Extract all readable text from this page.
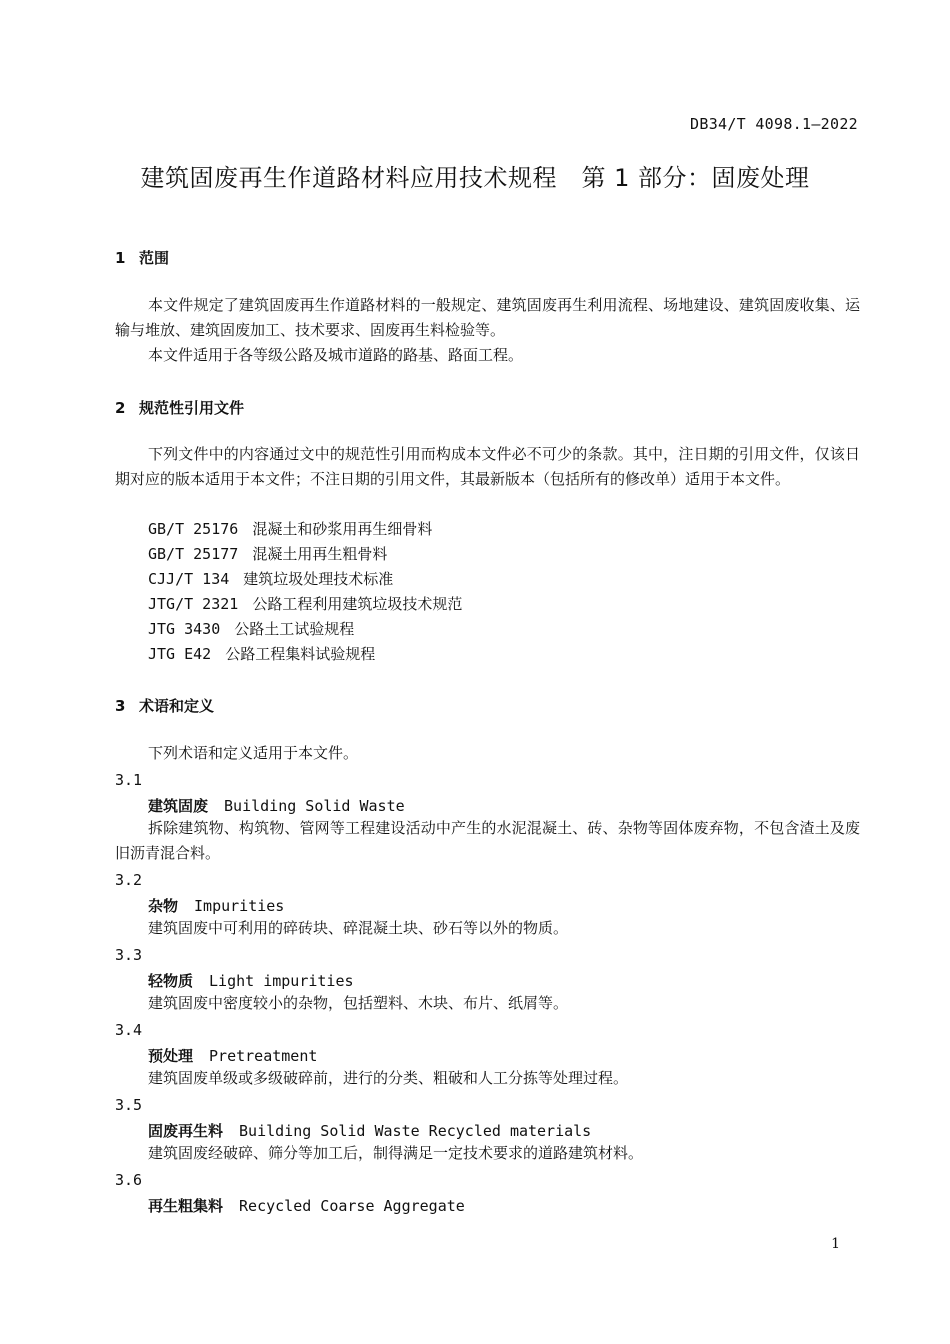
DB34/T 4098.1—2022
建筑固废再生作道路材料应用技术规程　第 1 部分：固废处理
1 范围
本文件规定了建筑固废再生作道路材料的一般规定、建筑固废再生利用流程、场地建设、建筑固废收集、运输与堆放、建筑固废加工、技术要求、固废再生料检验等。
本文件适用于各等级公路及城市道路的路基、路面工程。
2 规范性引用文件
下列文件中的内容通过文中的规范性引用而构成本文件必不可少的条款。其中，注日期的引用文件，仅该日期对应的版本适用于本文件；不注日期的引用文件，其最新版本（包括所有的修改单）适用于本文件。
GB/T 25176 混凝土和砂浆用再生细骨料
GB/T 25177 混凝土用再生粗骨料
CJJ/T 134 建筑垃圾处理技术标准
JTG/T 2321 公路工程利用建筑垃圾技术规范
JTG 3430 公路土工试验规程
JTG E42 公路工程集料试验规程
3 术语和定义
下列术语和定义适用于本文件。
3.1
建筑固废 Building Solid Waste
拆除建筑物、构筑物、管网等工程建设活动中产生的水泥混凝土、砖、杂物等固体废弃物，不包含渣土及废旧沥青混合料。
3.2
杂物 Impurities
建筑固废中可利用的碎砖块、碎混凝土块、砂石等以外的物质。
3.3
轻物质 Light impurities
建筑固废中密度较小的杂物，包括塑料、木块、布片、纸屑等。
3.4
预处理 Pretreatment
建筑固废单级或多级破碎前，进行的分类、粗破和人工分拣等处理过程。
3.5
固废再生料 Building Solid Waste Recycled materials
建筑固废经破碎、筛分等加工后，制得满足一定技术要求的道路建筑材料。
3.6
再生粗集料 Recycled Coarse Aggregate
1
